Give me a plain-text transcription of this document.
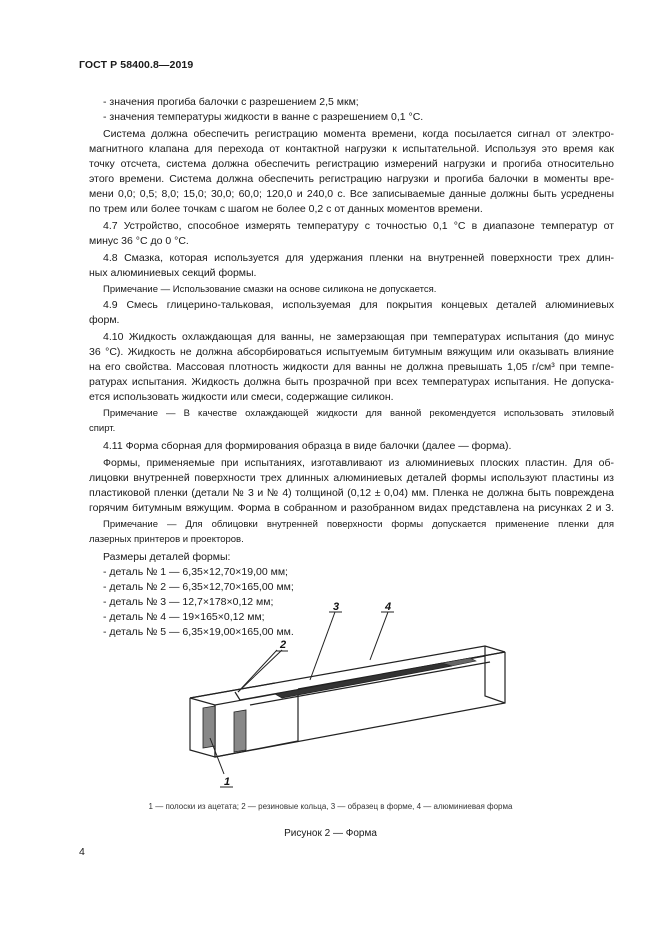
ГОСТ Р 58400.8—2019
- значения прогиба балочки с разрешением 2,5 мкм;
- значения температуры жидкости в ванне с разрешением 0,1 °С.
Система должна обеспечить регистрацию момента времени, когда посылается сигнал от электро-
магнитного клапана для перехода от контактной нагрузки к испытательной. Используя это время как
точку отсчета, система должна обеспечить регистрацию измерений нагрузки и прогиба относительно
этого времени. Система должна обеспечить регистрацию нагрузки и прогиба балочки в моменты вре-
мени 0,0; 0,5; 8,0; 15,0; 30,0; 60,0; 120,0 и 240,0 с. Все записываемые данные должны быть усреднены
по трем или более точкам с шагом не более 0,2 с от данных моментов времени.
4.7 Устройство, способное измерять температуру с точностью 0,1 °С в диапазоне температур от
минус 36 °С до 0 °С.
4.8 Смазка, которая используется для удержания пленки на внутренней поверхности трех длин-
ных алюминиевых секций формы.
Примечание — Использование смазки на основе силикона не допускается.
4.9 Смесь глицерино-тальковая, используемая для покрытия концевых деталей алюминиевых
форм.
4.10 Жидкость охлаждающая для ванны, не замерзающая при температурах испытания (до минус
36 °С). Жидкость не должна абсорбироваться испытуемым битумным вяжущим или оказывать влияние
на его свойства. Массовая плотность жидкости для ванны не должна превышать 1,05 г/см³ при темпе-
ратурах испытания. Жидкость должна быть прозрачной при всех температурах испытания. Не допуска-
ется использовать жидкости или смеси, содержащие силикон.
Примечание — В качестве охлаждающей жидкости для ванной рекомендуется использовать этиловый
спирт.
4.11 Форма сборная для формирования образца в виде балочки (далее — форма).
Формы, применяемые при испытаниях, изготавливают из алюминиевых плоских пластин. Для об-
лицовки внутренней поверхности трех длинных алюминиевых деталей формы используют пластины из
пластиковой пленки (детали № 3 и № 4) толщиной (0,12 ± 0,04) мм. Пленка не должна быть повреждена
горячим битумным вяжущим. Форма в собранном и разобранном видах представлена на рисунках 2 и 3.
Примечание — Для облицовки внутренней поверхности формы допускается применение пленки для
лазерных принтеров и проекторов.
Размеры деталей формы:
- деталь № 1 — 6,35×12,70×19,00 мм;
- деталь № 2 — 6,35×12,70×165,00 мм;
- деталь № 3 — 12,7×178×0,12 мм;
- деталь № 4 — 19×165×0,12 мм;
- деталь № 5 — 6,35×19,00×165,00 мм.
2
3	4
1
1 — полоски из ацетата; 2 — резиновые кольца, 3 — образец в форме, 4 — алюминиевая форма
Рисунок 2 — Форма
4
